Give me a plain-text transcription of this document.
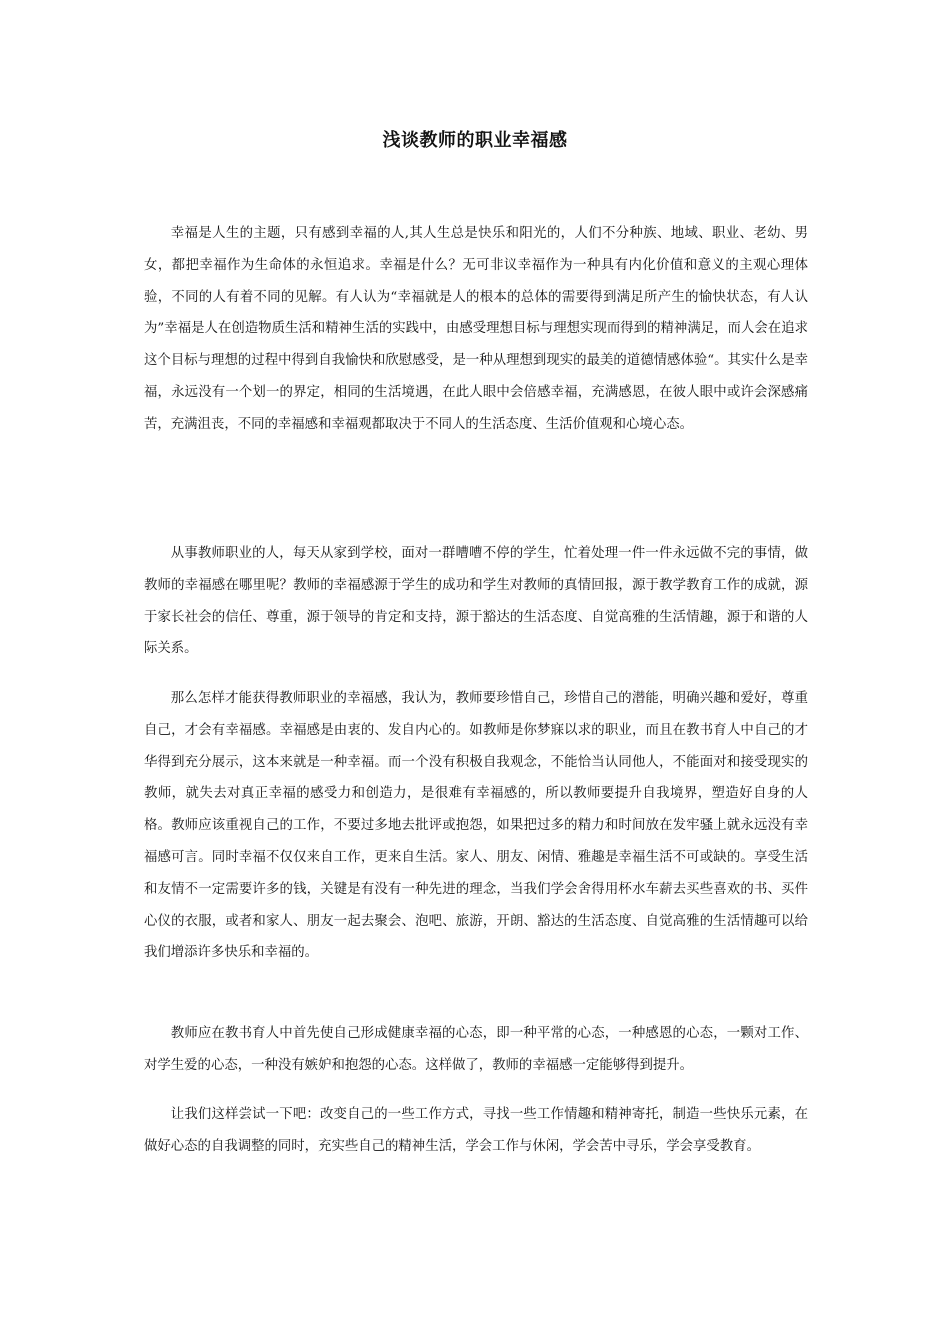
浅谈教师的职业幸福感

幸福是人生的主题，只有感到幸福的人,其人生总是快乐和阳光的，人们不分种族、地域、职业、老幼、男女，都把幸福作为生命体的永恒追求。幸福是什么？无可非议幸福作为一种具有内化价值和意义的主观心理体验，不同的人有着不同的见解。有人认为“幸福就是人的根本的总体的需要得到满足所产生的愉快状态，有人认为”幸福是人在创造物质生活和精神生活的实践中，由感受理想目标与理想实现而得到的精神满足，而人会在追求这个目标与理想的过程中得到自我愉快和欣慰感受，是一种从理想到现实的最美的道德情感体验“。其实什么是幸福，永远没有一个划一的界定，相同的生活境遇，在此人眼中会倍感幸福，充满感恩，在彼人眼中或许会深感痛苦，充满沮丧，不同的幸福感和幸福观都取决于不同人的生活态度、生活价值观和心境心态。

从事教师职业的人，每天从家到学校，面对一群嘈嘈不停的学生，忙着处理一件一件永远做不完的事情，做教师的幸福感在哪里呢？教师的幸福感源于学生的成功和学生对教师的真情回报，源于教学教育工作的成就，源于家长社会的信任、尊重，源于领导的肯定和支持，源于豁达的生活态度、自觉高雅的生活情趣，源于和谐的人际关系。

那么怎样才能获得教师职业的幸福感，我认为，教师要珍惜自己，珍惜自己的潜能，明确兴趣和爱好，尊重自己，才会有幸福感。幸福感是由衷的、发自内心的。如教师是你梦寐以求的职业，而且在教书育人中自己的才华得到充分展示，这本来就是一种幸福。而一个没有积极自我观念，不能恰当认同他人，不能面对和接受现实的教师，就失去对真正幸福的感受力和创造力，是很难有幸福感的，所以教师要提升自我境界，塑造好自身的人格。教师应该重视自己的工作，不要过多地去批评或抱怨，如果把过多的精力和时间放在发牢骚上就永远没有幸福感可言。同时幸福不仅仅来自工作，更来自生活。家人、朋友、闲情、雅趣是幸福生活不可或缺的。享受生活和友情不一定需要许多的钱，关键是有没有一种先进的理念，当我们学会舍得用杯水车薪去买些喜欢的书、买件心仪的衣服，或者和家人、朋友一起去聚会、泡吧、旅游，开朗、豁达的生活态度、自觉高雅的生活情趣可以给我们增添许多快乐和幸福的。

教师应在教书育人中首先使自己形成健康幸福的心态，即一种平常的心态，一种感恩的心态，一颗对工作、对学生爱的心态，一种没有嫉妒和抱怨的心态。这样做了，教师的幸福感一定能够得到提升。

让我们这样尝试一下吧：改变自己的一些工作方式，寻找一些工作情趣和精神寄托，制造一些快乐元素，在做好心态的自我调整的同时，充实些自己的精神生活，学会工作与休闲，学会苦中寻乐，学会享受教育。
